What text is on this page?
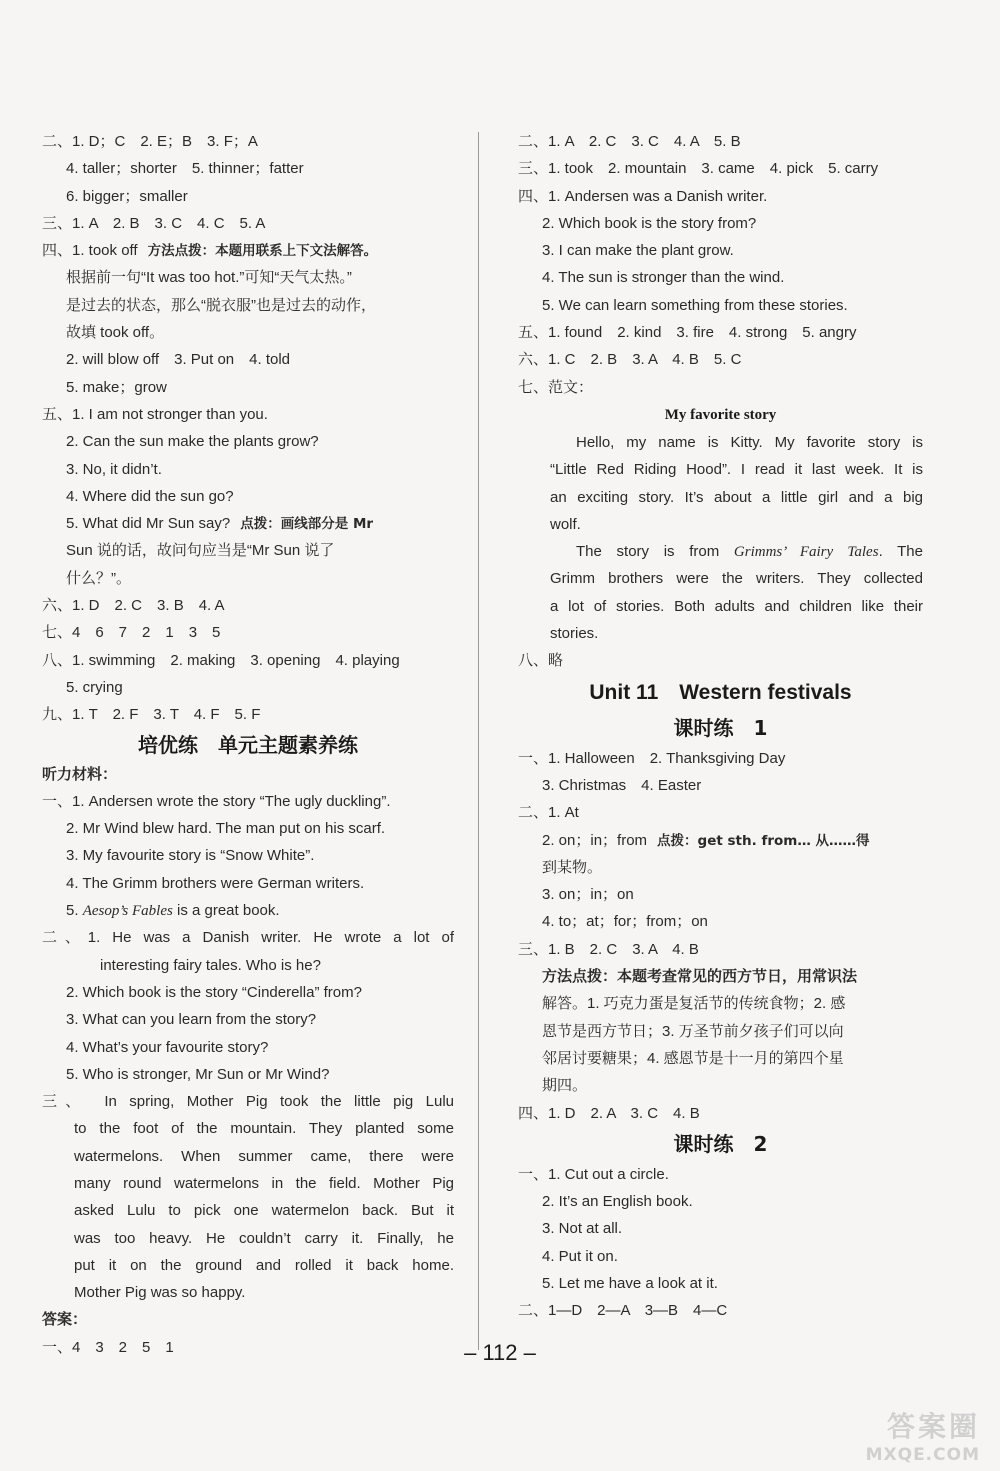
二、1. D；C　2. E；B　3. F；A
4. taller；shorter　5. thinner；fatter
6. bigger；smaller
三、1. A　2. B　3. C　4. C　5. A
四、1. took off 方法点拨：本题用联系上下文法解答。
根据前一句“It was too hot.”可知“天气太热。”
是过去的状态，那么“脱衣服”也是过去的动作，
故填 took off。
2. will blow off　3. Put on　4. told
5. make；grow
五、1. I am not stronger than you.
2. Can the sun make the plants grow?
3. No, it didn’t.
4. Where did the sun go?
5. What did Mr Sun say? 点拨：画线部分是 Mr
Sun 说的话，故问句应当是“Mr Sun 说了
什么？”。
六、1. D　2. C　3. B　4. A
七、4　6　7　2　1　3　5
八、1. swimming　2. making　3. opening　4. playing
5. crying
九、1. T　2. F　3. T　4. F　5. F
培优练　单元主题素养练
听力材料：
一、1. Andersen wrote the story “The ugly duckling”.
2. Mr Wind blew hard. The man put on his scarf.
3. My favourite story is “Snow White”.
4. The Grimm brothers were German writers.
5. Aesop’s Fables is a great book.
二、1. He was a Danish writer. He wrote a lot of
interesting fairy tales. Who is he?
2. Which book is the story “Cinderella” from?
3. What can you learn from the story?
4. What’s your favourite story?
5. Who is stronger, Mr Sun or Mr Wind?
三、　In spring, Mother Pig took the little pig Lulu
to the foot of the mountain. They planted some
watermelons. When summer came, there were
many round watermelons in the field. Mother Pig
asked Lulu to pick one watermelon back. But it
was too heavy. He couldn’t carry it. Finally, he
put it on the ground and rolled it back home.
Mother Pig was so happy.
答案：
一、4　3　2　5　1
二、1. A　2. C　3. C　4. A　5. B
三、1. took　2. mountain　3. came　4. pick　5. carry
四、1. Andersen was a Danish writer.
2. Which book is the story from?
3. I can make the plant grow.
4. The sun is stronger than the wind.
5. We can learn something from these stories.
五、1. found　2. kind　3. fire　4. strong　5. angry
六、1. C　2. B　3. A　4. B　5. C
七、范文：
My favorite story
Hello, my name is Kitty. My favorite story is
“Little Red Riding Hood”. I read it last week. It is
an exciting story. It’s about a little girl and a big
wolf.
The story is from Grimms’ Fairy Tales. The
Grimm brothers were the writers. They collected
a lot of stories. Both adults and children like their
stories.
八、略
Unit 11　Western festivals
课时练　1
一、1. Halloween　2. Thanksgiving Day
3. Christmas　4. Easter
二、1. At
2. on；in；from 点拨：get sth. from… 从……得
到某物。
3. on；in；on
4. to；at；for；from；on
三、1. B　2. C　3. A　4. B
方法点拨：本题考查常见的西方节日，用常识法
解答。1. 巧克力蛋是复活节的传统食物；2. 感
恩节是西方节日；3. 万圣节前夕孩子们可以向
邻居讨要糖果；4. 感恩节是十一月的第四个星
期四。
四、1. D　2. A　3. C　4. B
课时练　2
一、1. Cut out a circle.
2. It’s an English book.
3. Not at all.
4. Put it on.
5. Let me have a look at it.
二、1—D　2—A　3—B　4—C
– 112 –
答案圈
MXQE.COM
